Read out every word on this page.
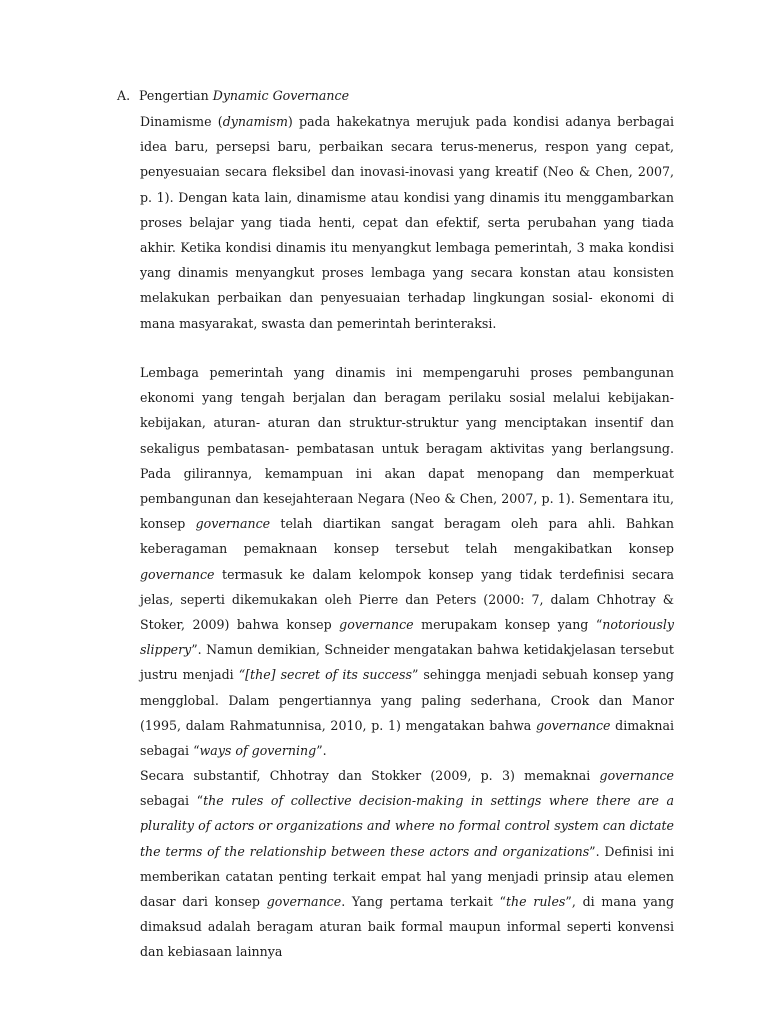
A. Pengertian Dynamic Governance

Dinamisme (dynamism) pada hakekatnya merujuk pada kondisi adanya berbagai idea baru, persepsi baru, perbaikan secara terus-menerus, respon yang cepat, penyesuaian secara fleksibel dan inovasi-inovasi yang kreatif (Neo & Chen, 2007, p. 1). Dengan kata lain, dinamisme atau kondisi yang dinamis itu menggambarkan proses belajar yang tiada henti, cepat dan efektif, serta perubahan yang tiada akhir. Ketika kondisi dinamis itu menyangkut lembaga pemerintah, 3 maka kondisi yang dinamis menyangkut proses lembaga yang secara konstan atau konsisten melakukan perbaikan dan penyesuaian terhadap lingkungan sosial- ekonomi di mana masyarakat, swasta dan pemerintah berinteraksi.

Lembaga pemerintah yang dinamis ini mempengaruhi proses pembangunan ekonomi yang tengah berjalan dan beragam perilaku sosial melalui kebijakan-kebijakan, aturan- aturan dan struktur-struktur yang menciptakan insentif dan sekaligus pembatasan- pembatasan untuk beragam aktivitas yang berlangsung. Pada gilirannya, kemampuan ini akan dapat menopang dan memperkuat pembangunan dan kesejahteraan Negara (Neo & Chen, 2007, p. 1). Sementara itu, konsep governance telah diartikan sangat beragam oleh para ahli. Bahkan keberagaman pemaknaan konsep tersebut telah mengakibatkan konsep governance termasuk ke dalam kelompok konsep yang tidak terdefinisi secara jelas, seperti dikemukakan oleh Pierre dan Peters (2000: 7, dalam Chhotray & Stoker, 2009) bahwa konsep governance merupakam konsep yang “notoriously slippery”. Namun demikian, Schneider mengatakan bahwa ketidakjelasan tersebut justru menjadi “[the] secret of its success” sehingga menjadi sebuah konsep yang mengglobal. Dalam pengertiannya yang paling sederhana, Crook dan Manor (1995, dalam Rahmatunnisa, 2010, p. 1) mengatakan bahwa governance dimaknai sebagai “ways of governing”.

Secara substantif, Chhotray dan Stokker (2009, p. 3) memaknai governance sebagai “the rules of collective decision-making in settings where there are a plurality of actors or organizations and where no formal control system can dictate the terms of the relationship between these actors and organizations”. Definisi ini memberikan catatan penting terkait empat hal yang menjadi prinsip atau elemen dasar dari konsep governance. Yang pertama terkait “the rules”, di mana yang dimaksud adalah beragam aturan baik formal maupun informal seperti konvensi dan kebiasaan lainnya
